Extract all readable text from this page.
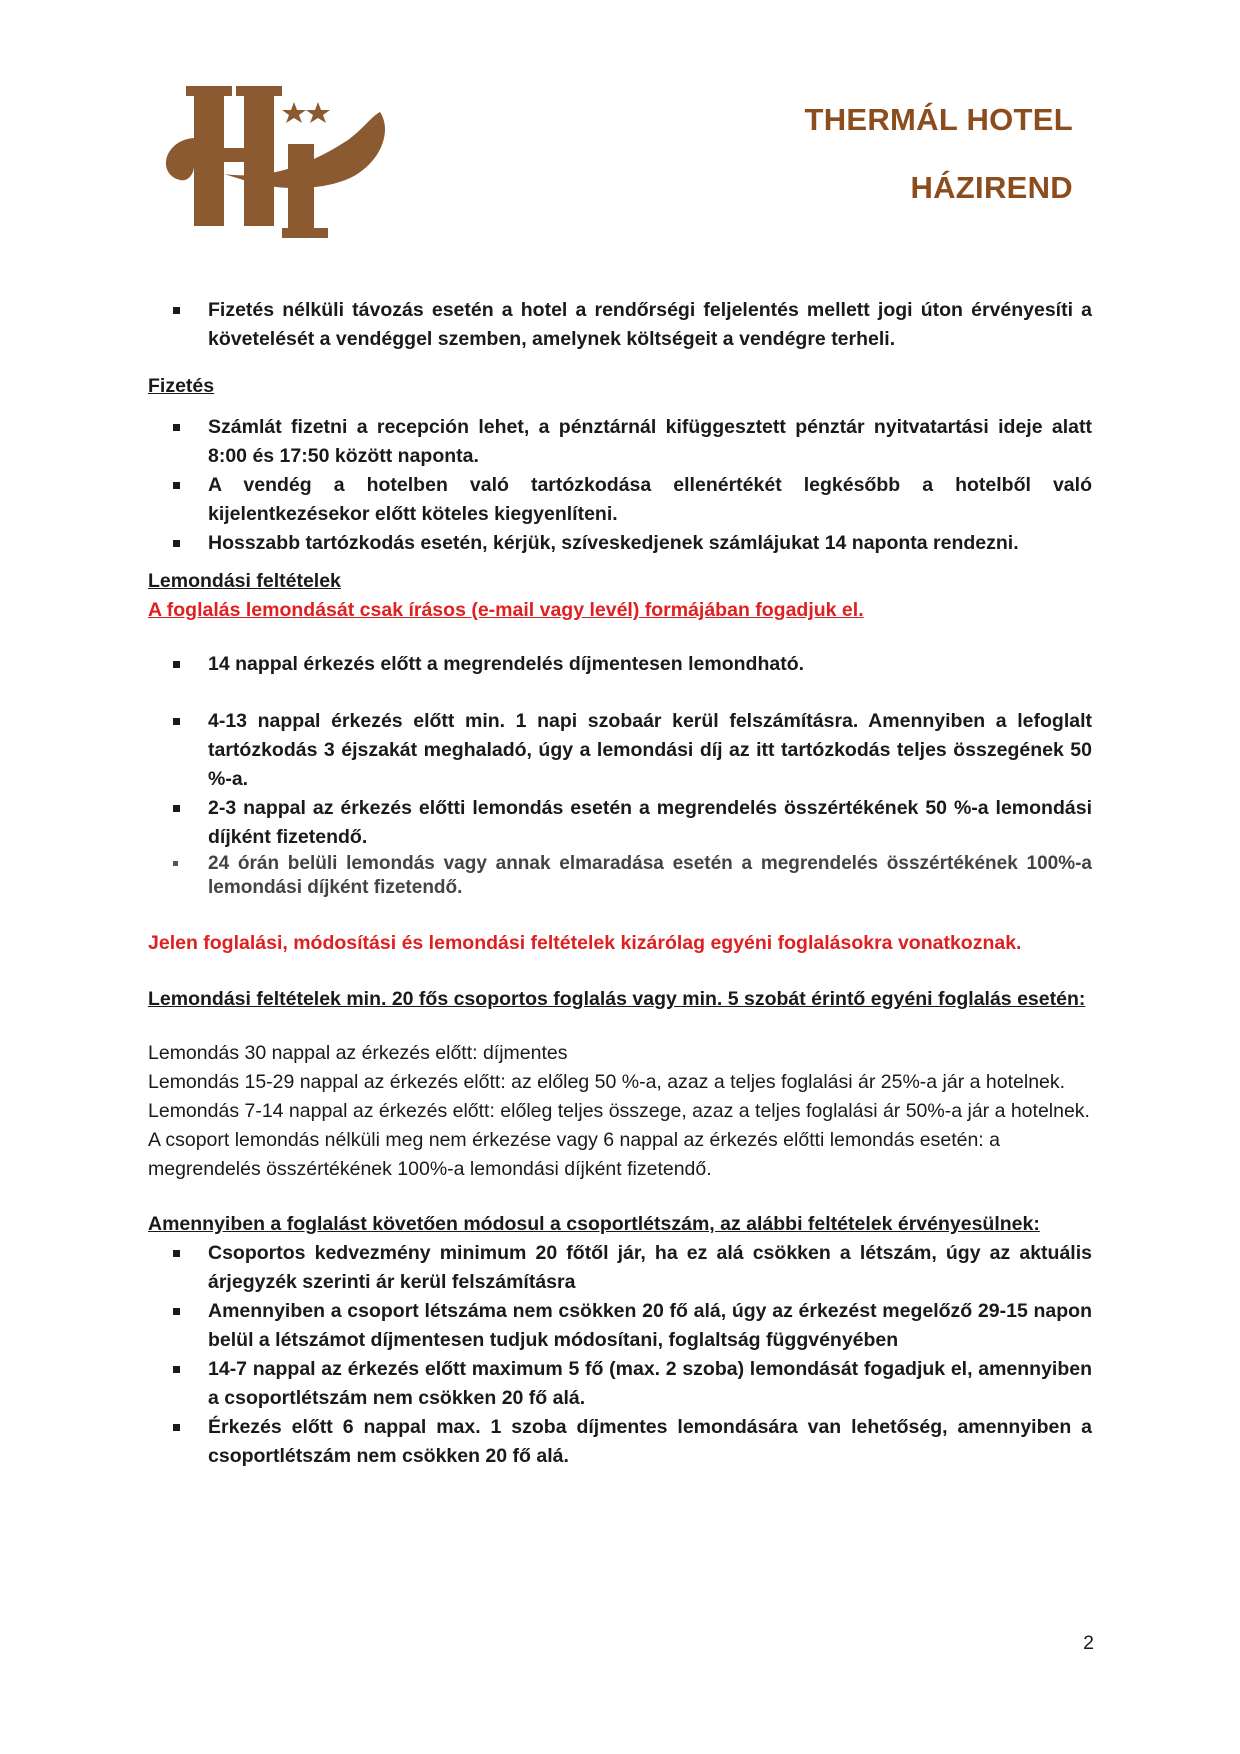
THERMÁL HOTEL
HÁZIREND
Fizetés nélküli távozás esetén a hotel a rendőrségi feljelentés mellett jogi úton érvényesíti a követelését a vendéggel szemben, amelynek költségeit a vendégre terheli.
Fizetés
Számlát fizetni a recepción lehet, a pénztárnál kifüggesztett pénztár nyitvatartási ideje alatt 8:00 és 17:50 között naponta.
A vendég a hotelben való tartózkodása ellenértékét legkésőbb a hotelből való kijelentkezésekor előtt köteles kiegyenlíteni.
Hosszabb tartózkodás esetén, kérjük, szíveskedjenek számlájukat 14 naponta rendezni.
Lemondási feltételek
A foglalás lemondását csak írásos (e-mail vagy levél) formájában fogadjuk el.
14 nappal érkezés előtt a megrendelés díjmentesen lemondható.
4-13 nappal érkezés előtt min. 1 napi szobaár kerül felszámításra. Amennyiben a lefoglalt tartózkodás 3 éjszakát meghaladó, úgy a lemondási díj az itt tartózkodás teljes összegének 50 %-a.
2-3 nappal az érkezés előtti lemondás esetén a megrendelés összértékének 50 %-a lemondási díjként fizetendő.
24 órán belüli lemondás vagy annak elmaradása esetén a megrendelés összértékének 100%-a lemondási díjként fizetendő.
Jelen foglalási, módosítási és lemondási feltételek kizárólag egyéni foglalásokra vonatkoznak.
Lemondási feltételek min. 20 fős csoportos foglalás vagy min. 5 szobát érintő egyéni foglalás esetén:
Lemondás 30 nappal az érkezés előtt: díjmentes
Lemondás 15-29 nappal az érkezés előtt: az előleg 50 %-a, azaz a teljes foglalási ár 25%-a jár a hotelnek.
Lemondás 7-14 nappal az érkezés előtt: előleg teljes összege, azaz a teljes foglalási ár 50%-a jár a hotelnek.
A csoport lemondás nélküli meg nem érkezése vagy 6 nappal az érkezés előtti lemondás esetén: a megrendelés összértékének 100%-a lemondási díjként fizetendő.
Amennyiben a foglalást követően módosul a csoportlétszám, az alábbi feltételek érvényesülnek:
Csoportos kedvezmény minimum 20 főtől jár, ha ez alá csökken a létszám, úgy az aktuális árjegyzék szerinti ár kerül felszámításra
Amennyiben a csoport létszáma nem csökken 20 fő alá, úgy az érkezést megelőző 29-15 napon belül a létszámot díjmentesen tudjuk módosítani, foglaltság függvényében
14-7 nappal az érkezés előtt maximum 5 fő (max. 2 szoba) lemondását fogadjuk el, amennyiben a csoportlétszám nem csökken 20 fő alá.
Érkezés előtt 6 nappal max. 1 szoba díjmentes lemondására van lehetőség, amennyiben a csoportlétszám nem csökken 20 fő alá.
2
